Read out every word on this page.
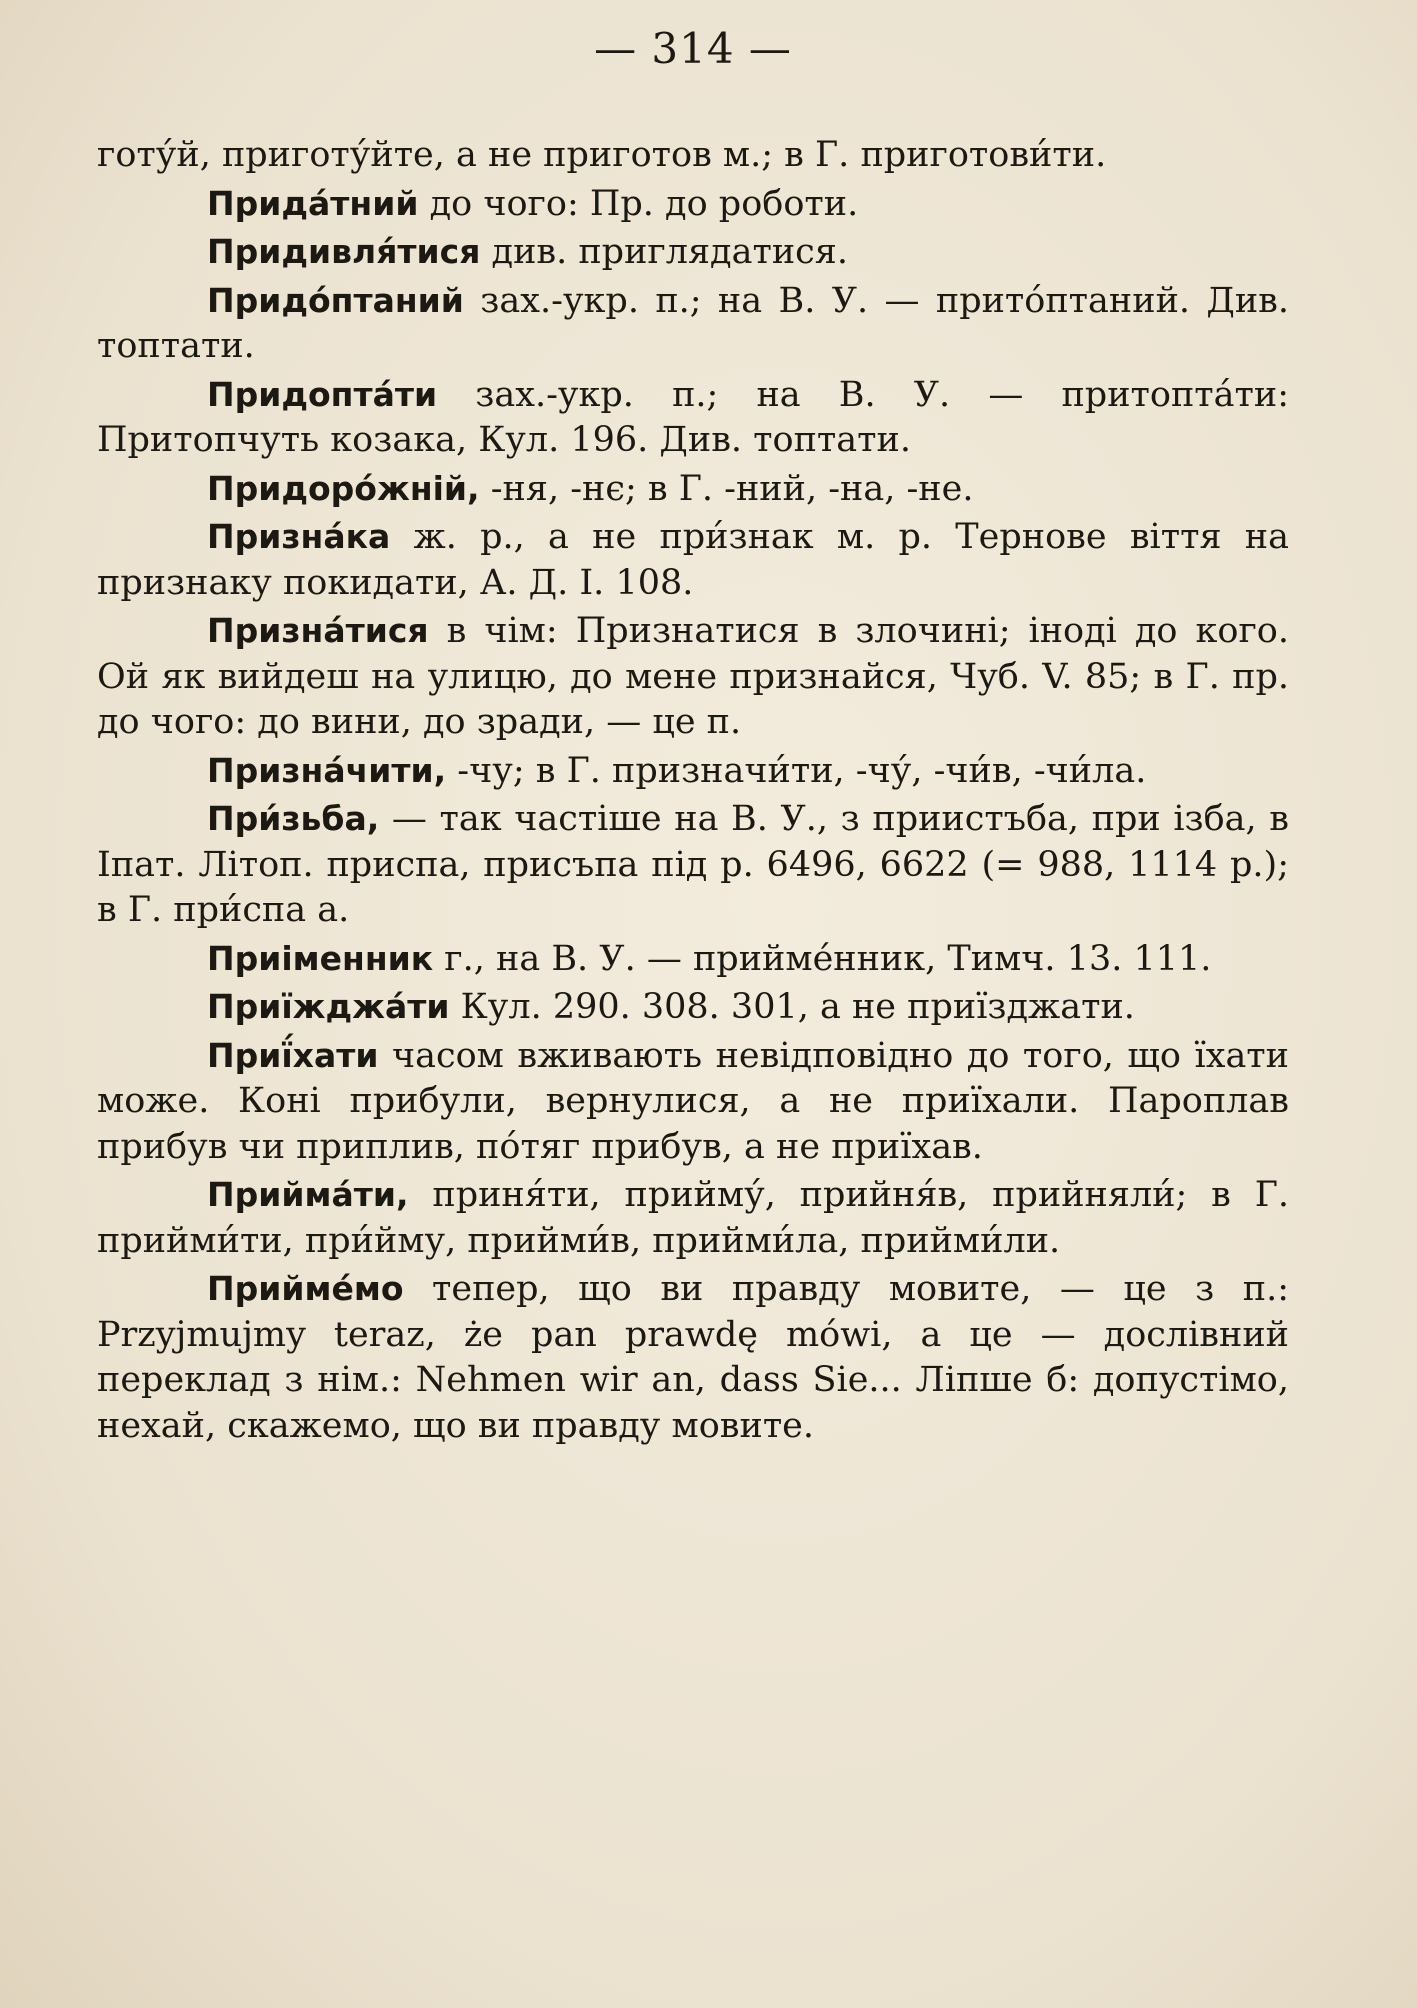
— 314 —

готу́й, приготу́йте, а не приготов м.; в Г. приготови́ти.

Прида́тний до чого: Пр. до роботи.

Придивля́тися див. приглядатися.

Придо́птаний зах.-укр. п.; на В. У. — прито́птаний. Див. топтати.

Придопта́ти зах.-укр. п.; на В. У. — притопта́ти: Притопчуть козака, Кул. 196. Див. топтати.

Придоро́жній, -ня, -нє; в Г. -ний, -на, -не.

Призна́ка ж. р., а не при́знак м. р. Тернове віття на признаку покидати, А. Д. І. 108.

Призна́тися в чім: Признатися в злочині; іноді до кого. Ой як вийдеш на улицю, до мене признайся, Чуб. V. 85; в Г. пр. до чого: до вини, до зради, — це п.

Призна́чити, -чу; в Г. призначи́ти, -чу́, -чи́в, -чи́ла.

При́зьба, — так частіше на В. У., з приистъба, при ізба, в Іпат. Літоп. приспа, присъпа під р. 6496, 6622 (= 988, 1114 р.); в Г. при́спа а.

Приіменник г., на В. У. — приймéнник, Тимч. 13. 111.

Приїжджа́ти Кул. 290. 308. 301, а не приїзджати.

Приї́хати часом вживають невідповідно до того, що їхати може. Коні прибули, вернулися, а не приїхали. Пароплав прибув чи приплив, по́тяг прибув, а не приїхав.

Прийма́ти, приня́ти, прийму́, прийня́в, прийняли́; в Г. прийми́ти, при́йму, прийми́в, прийми́ла, прийми́ли.

Приймéмо тепер, що ви правду мовите, — це з п.: Przyjmujmy teraz, że pan prawdę mówi, а це — дослівний переклад з нім.: Nehmen wir an, dass Sie... Ліпше б: допустімо, нехай, скажемо, що ви правду мовите.
